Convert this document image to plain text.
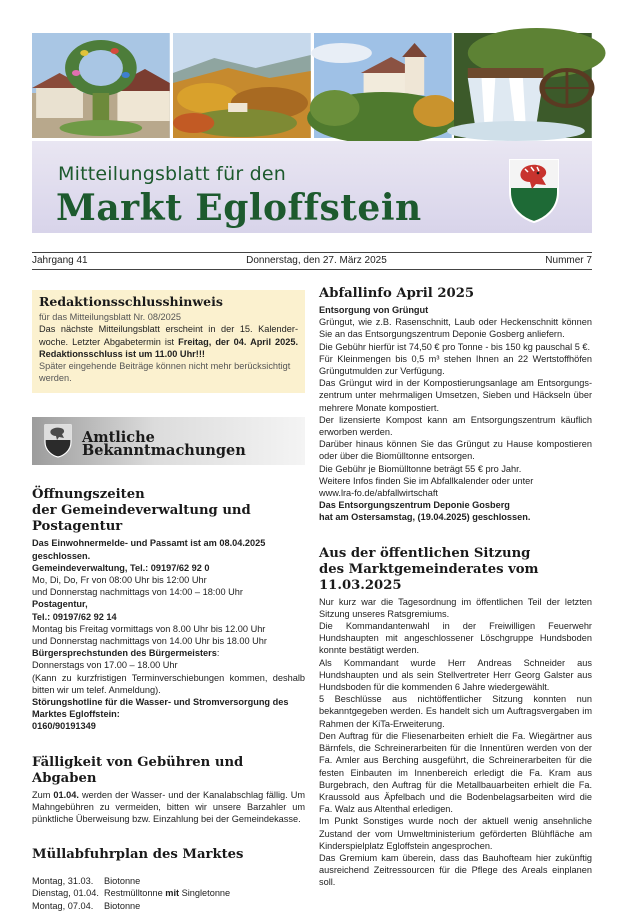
Mitteilungsblatt für den
Markt Egloffstein
Jahrgang 41	Donnerstag, den 27. März 2025	Nummer 7
Redaktionsschlusshinweis
für das Mitteilungsblatt Nr. 08/2025
Das nächste Mitteilungsblatt erscheint in der 15. Kalenderwoche. Letzter Abgabetermin ist Freitag, der 04. April 2025. Redaktionsschluss ist um 11.00 Uhr!!!
Später eingehende Beiträge können nicht mehr berücksichtigt werden.
Amtliche Bekanntmachungen
Öffnungszeiten
der Gemeindeverwaltung und Postagentur
Das Einwohnermelde- und Passamt ist am 08.04.2025 geschlossen.
Gemeindeverwaltung, Tel.: 09197/62 92 0
Mo, Di, Do, Fr von 08:00 Uhr bis 12:00 Uhr
und Donnerstag nachmittags von 14:00 – 18:00 Uhr
Postagentur,
Tel.: 09197/62 92 14
Montag bis Freitag vormittags von 8.00 Uhr bis 12.00 Uhr
und Donnerstag nachmittags von 14.00 Uhr bis 18.00 Uhr
Bürgersprechstunden des Bürgermeisters:
Donnerstags von 17.00 – 18.00 Uhr
(Kann zu kurzfristigen Terminverschiebungen kommen, deshalb bitten wir um telef. Anmeldung).
Störungshotline für die Wasser- und Stromversorgung des Marktes Egloffstein:
0160/90191349
Fälligkeit von Gebühren und Abgaben
Zum 01.04. werden der Wasser- und der Kanalabschlag fällig. Um Mahngebühren zu vermeiden, bitten wir unsere Barzahler um pünktliche Überweisung bzw. Einzahlung bei der Gemeindekasse.
Müllabfuhrplan des Marktes
Montag, 31.03.	Biotonne
Dienstag, 01.04. Restmülltonne mit Singletonne
Montag, 07.04.	Biotonne
Abfallinfo April 2025
Entsorgung von Grüngut
Grüngut, wie z.B. Rasenschnitt, Laub oder Heckenschnitt können Sie an das Entsorgungszentrum Deponie Gosberg anliefern.
Die Gebühr hierfür ist 74,50 € pro Tonne - bis 150 kg pauschal 5 €.
Für Kleinmengen bis 0,5 m³ stehen Ihnen an 22 Wertstoffhöfen Grüngutmulden zur Verfügung.
Das Grüngut wird in der Kompostierungsanlage am Entsorgungszentrum unter mehrmaligen Umsetzen, Sieben und Häckseln über mehrere Monate kompostiert.
Der lizensierte Kompost kann am Entsorgungszentrum käuflich erworben werden.
Darüber hinaus können Sie das Grüngut zu Hause kompostieren oder über die Biomülltonne entsorgen.
Die Gebühr je Biomülltonne beträgt 55 € pro Jahr.
Weitere Infos finden Sie im Abfallkalender oder unter
www.lra-fo.de/abfallwirtschaft
Das Entsorgungszentrum Deponie Gosberg
hat am Ostersamstag, (19.04.2025) geschlossen.
Aus der öffentlichen Sitzung
des Marktgemeinderates vom 11.03.2025
Nur kurz war die Tagesordnung im öffentlichen Teil der letzten Sitzung unseres Ratsgremiums.
Die Kommandantenwahl in der Freiwilligen Feuerwehr Hundshaupten mit angeschlossener Löschgruppe Hundsboden konnte bestätigt werden.
Als Kommandant wurde Herr Andreas Schneider aus Hundshaupten und als sein Stellvertreter Herr Georg Galster aus Hundsboden für die kommenden 6 Jahre wiedergewählt.
5 Beschlüsse aus nichtöffentlicher Sitzung konnten nun bekanntgegeben werden. Es handelt sich um Auftragsvergaben im Rahmen der KiTa-Erweiterung.
Den Auftrag für die Fliesenarbeiten erhielt die Fa. Wiegärtner aus Bärnfels, die Schreinerarbeiten für die Innentüren werden von der Fa. Amler aus Berching ausgeführt, die Schreinerarbeiten für die festen Einbauten im Innenbereich erledigt die Fa. Kram aus Burgebrach, den Auftrag für die Metallbauarbeiten erhielt die Fa. Kraussold aus Äpfelbach und die Bodenbelagsarbeiten wird die Fa. Walz aus Altenthal erledigen.
Im Punkt Sonstiges wurde noch der aktuell wenig ansehnliche Zustand der vom Umweltministerium geförderten Blühfläche am Kinderspielplatz Egloffstein angesprochen.
Das Gremium kam überein, dass das Bauhofteam hier zukünftig ausreichend Zeitressourcen für die Pflege des Areals einplanen soll.
